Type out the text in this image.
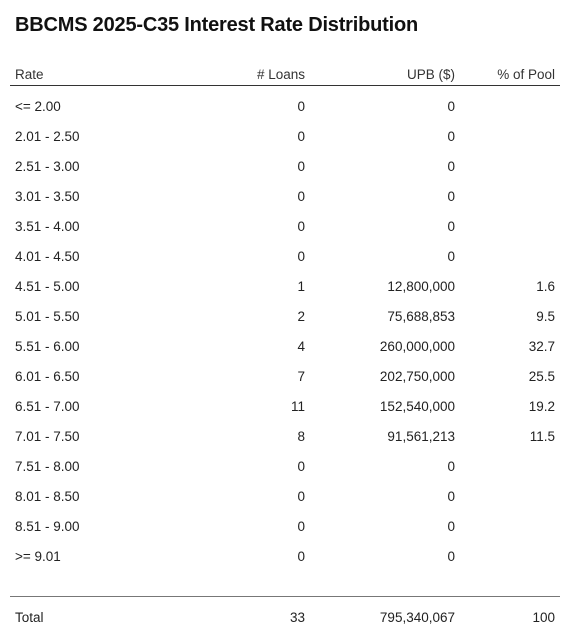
BBCMS 2025-C35 Interest Rate Distribution
Rate	# Loans	UPB ($)	% of Pool
<= 2.00	0	0
2.01 - 2.50	0	0
2.51 - 3.00	0	0
3.01 - 3.50	0	0
3.51 - 4.00	0	0
4.01 - 4.50	0	0
4.51 - 5.00	1	12,800,000	1.6
5.01 - 5.50	2	75,688,853	9.5
5.51 - 6.00	4	260,000,000	32.7
6.01 - 6.50	7	202,750,000	25.5
6.51 - 7.00	11	152,540,000	19.2
7.01 - 7.50	8	91,561,213	11.5
7.51 - 8.00	0	0
8.01 - 8.50	0	0
8.51 - 9.00	0	0
>= 9.01	0	0
Total	33	795,340,067	100
